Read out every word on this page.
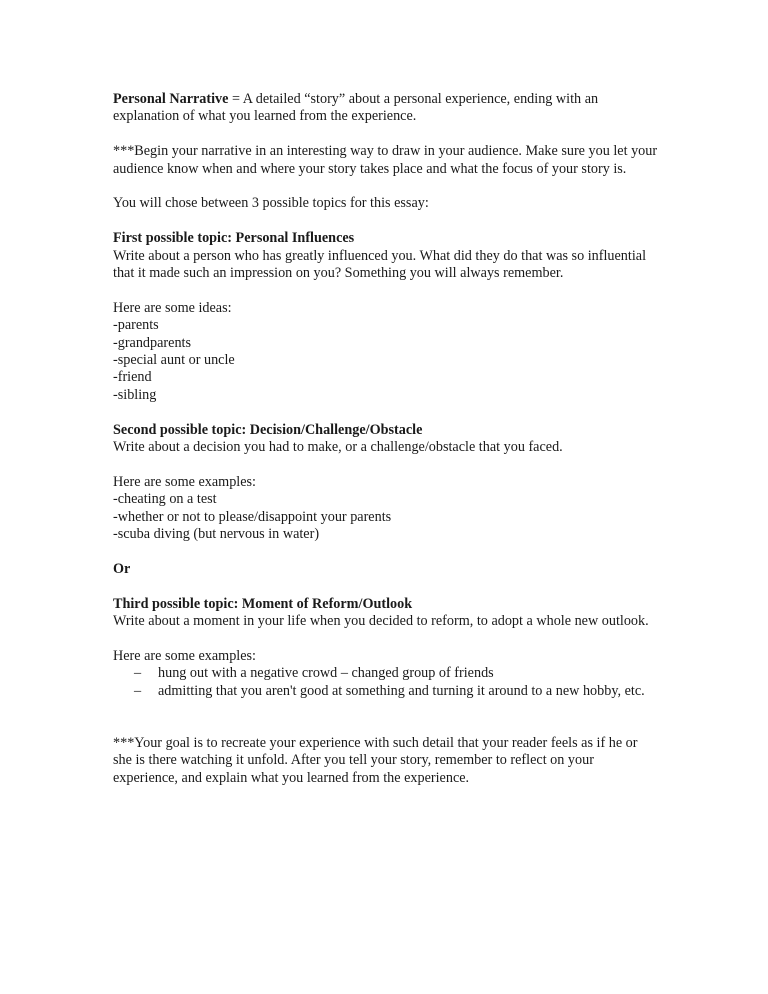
Personal Narrative = A detailed “story” about a personal experience, ending with an explanation of what you learned from the experience.

***Begin your narrative in an interesting way to draw in your audience. Make sure you let your audience know when and where your story takes place and what the focus of your story is.

You will chose between 3 possible topics for this essay:

First possible topic: Personal Influences

Write about a person who has greatly influenced you. What did they do that was so influential that it made such an impression on you? Something you will always remember.

Here are some ideas:

-parents

-grandparents

-special aunt or uncle

-friend

-sibling

Second possible topic: Decision/Challenge/Obstacle

Write about a decision you had to make, or a challenge/obstacle that you faced.

Here are some examples:

-cheating on a test

-whether or not to please/disappoint your parents

-scuba diving (but nervous in water)

Or

Third possible topic: Moment of Reform/Outlook

Write about a moment in your life when you decided to reform, to adopt a whole new outlook.

Here are some examples:

– hung out with a negative crowd – changed group of friends
– admitting that you aren't good at something and turning it around to a new hobby, etc.

***Your goal is to recreate your experience with such detail that your reader feels as if he or she is there watching it unfold. After you tell your story, remember to reflect on your experience, and explain what you learned from the experience.
